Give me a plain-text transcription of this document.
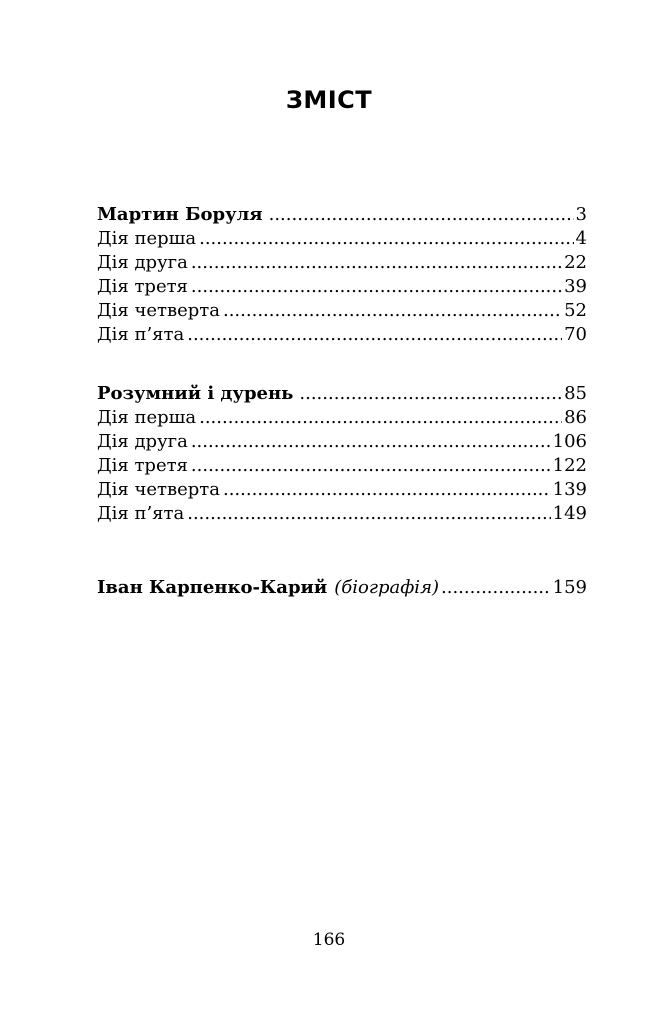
ЗМІСТ
Мартин Боруля .....	3
Дія перша .....	4
Дія друга .....	22
Дія третя .....	39
Дія четверта .....	52
Дія п’ята .....	70
Розумний і дурень .....	85
Дія перша .....	86
Дія друга .....	106
Дія третя .....	122
Дія четверта .....	139
Дія п’ята .....	149
Іван Карпенко-Карий (біографія) .....	159
166
